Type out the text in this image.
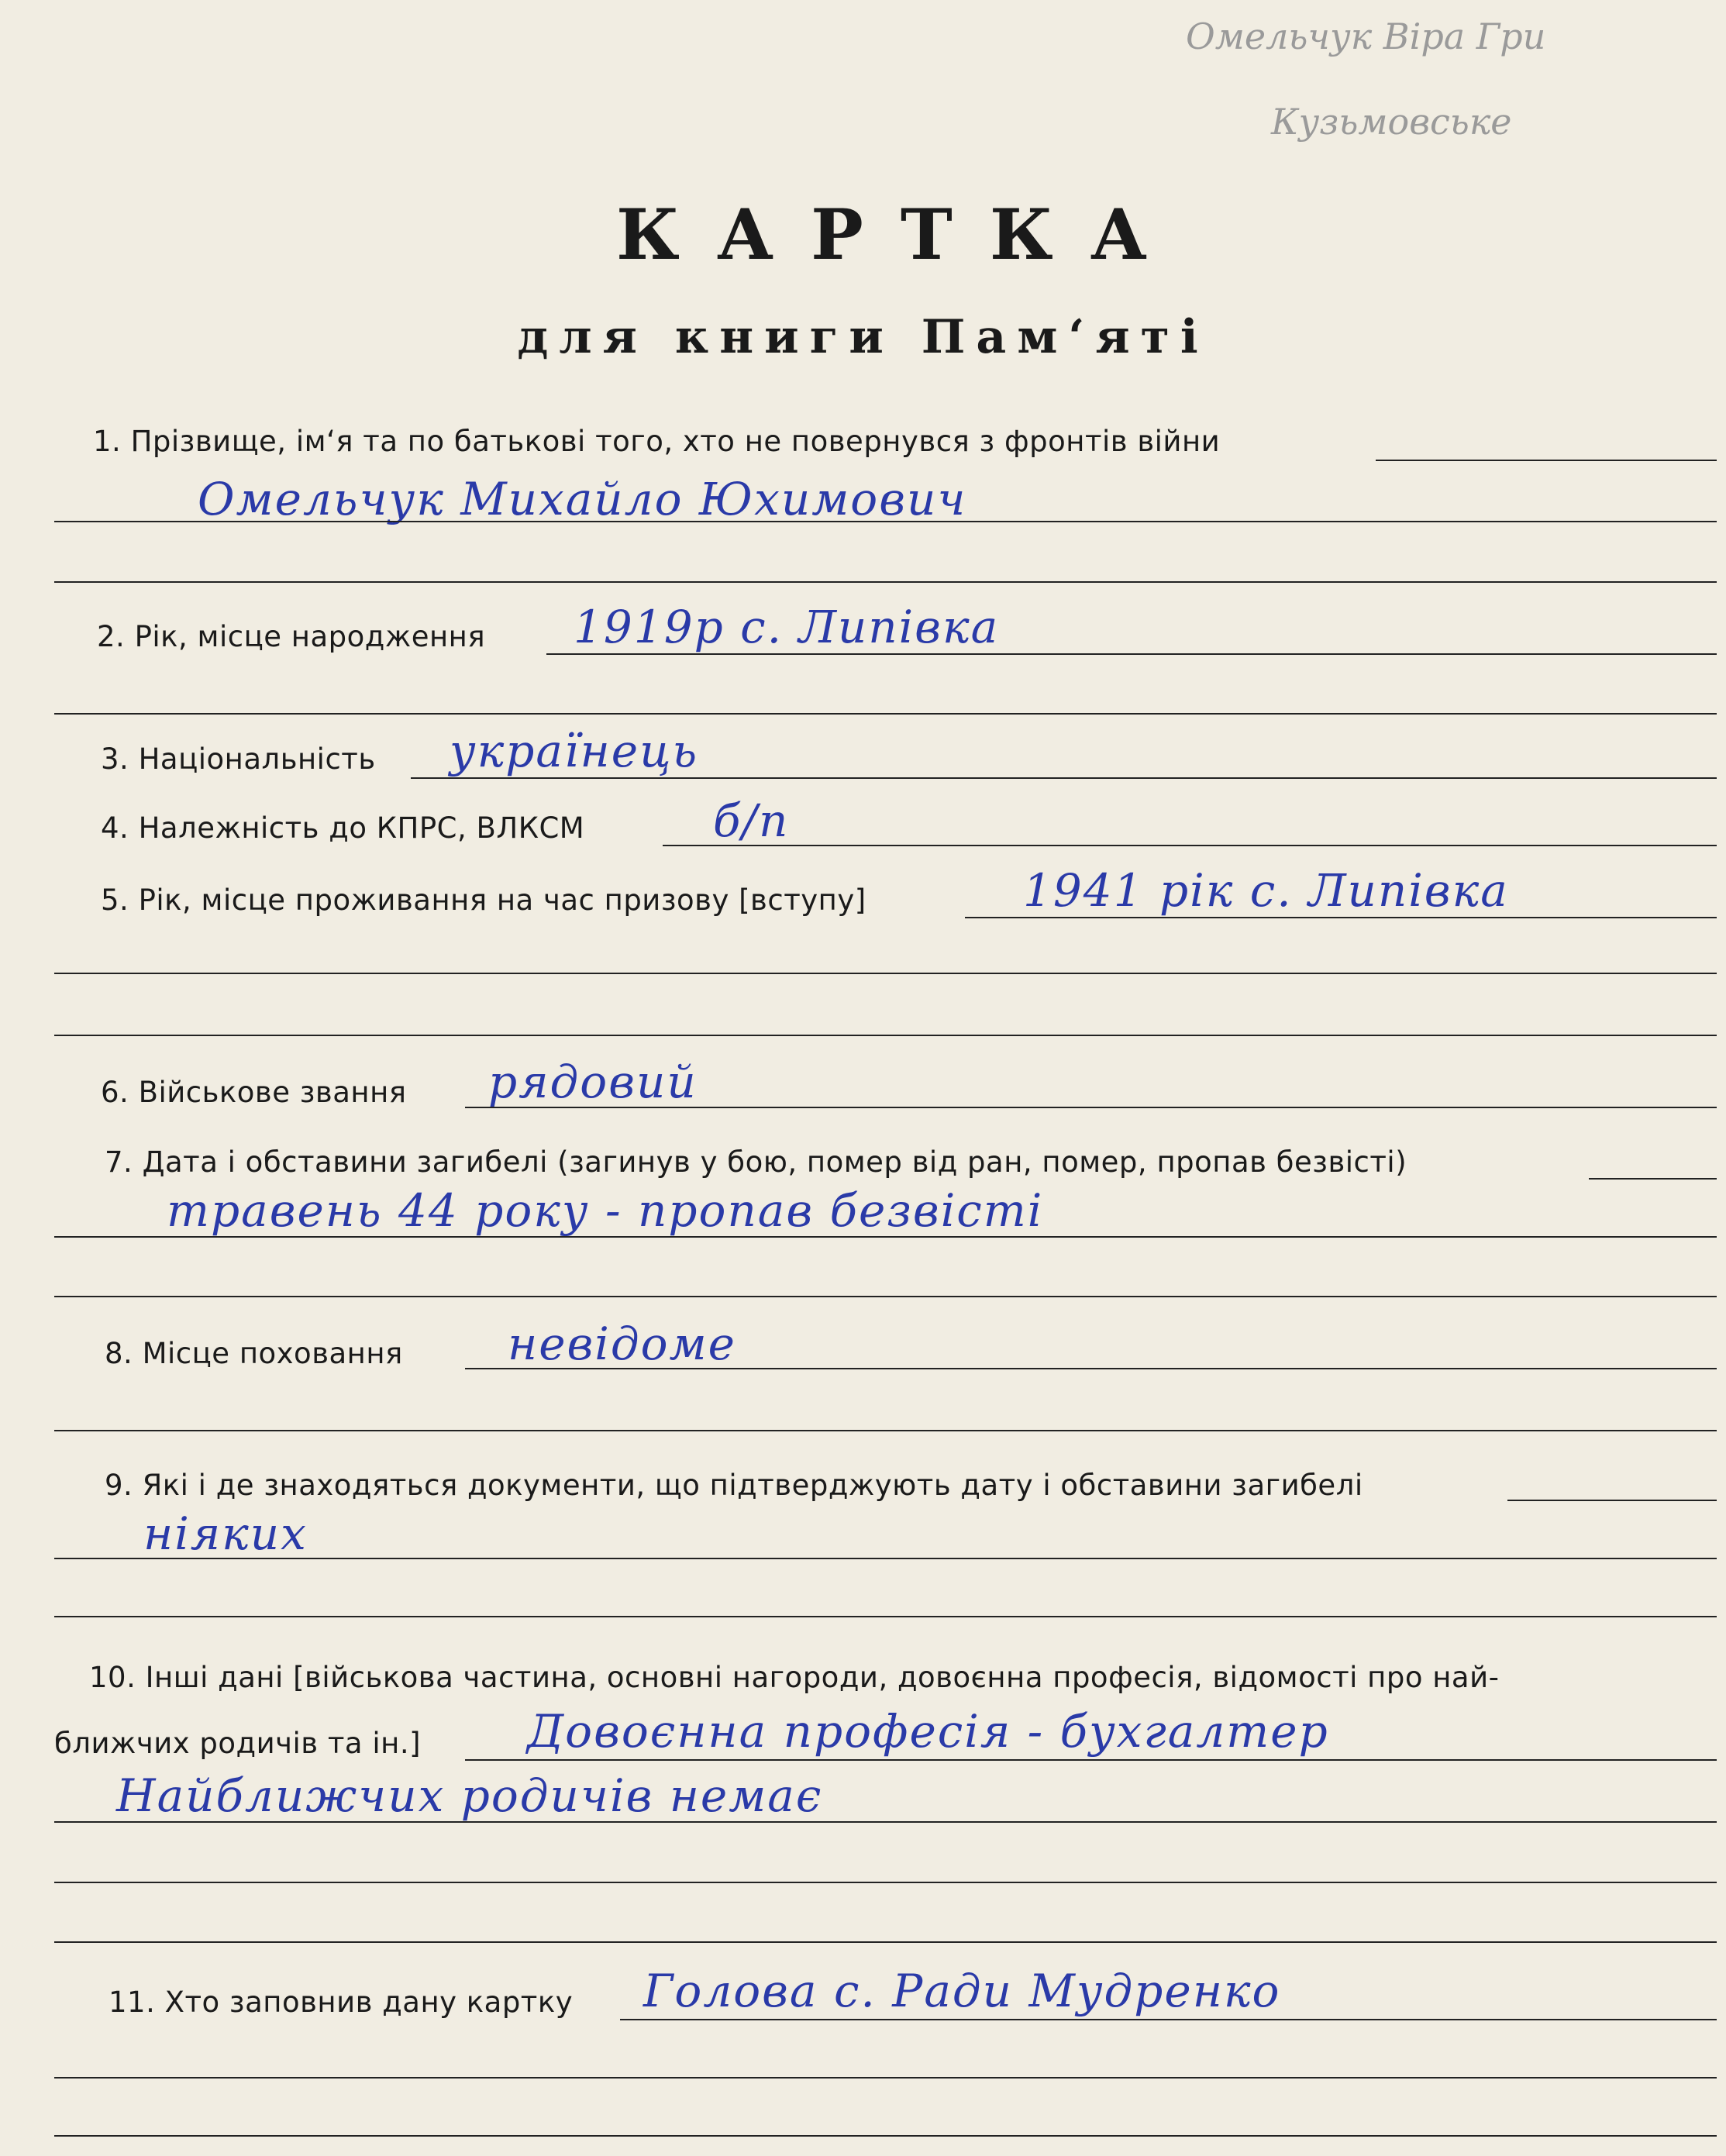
Омельчук Віра Гри
Кузьмовське
КАРТКА
для книги Пам‘яті
1. Прізвище, ім‘я та по батькові того, хто не повернувся з фронтів війни
Омельчук Михайло Юхимович
2. Рік, місце народження 1919р с. Липівка
3. Національність українець
4. Належність до КПРС, ВЛКСМ	б/п
5. Рік, місце проживання на час призову [вступу]	1941 рік с. Липівка
6. Військове звання рядовий
7. Дата і обставини загибелі (загинув у бою, помер від ран, помер, пропав безвісті)
травень 44 року - пропав безвісті
8. Місце поховання невідоме
9. Які і де знаходяться документи, що підтверджують дату і обставини загибелі
ніяких
10. Інші дані [військова частина, основні нагороди, довоєнна професія, відомості про най-
ближчих родичів та ін.] Довоєнна професія - бухгалтер
Найближчих родичів немає
11. Хто заповнив дану картку Голова с. Ради Мудренко
